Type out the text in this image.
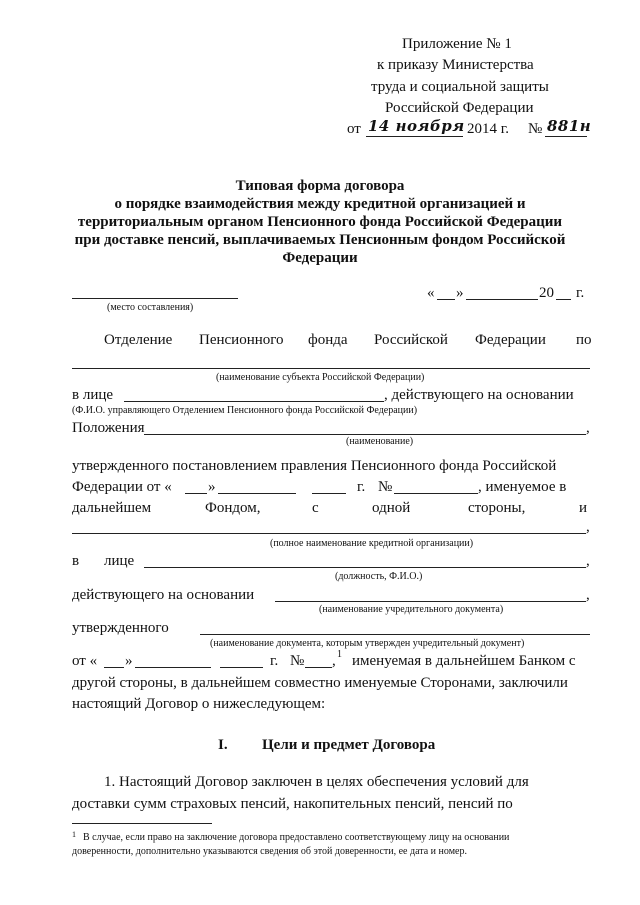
Приложение № 1
к приказу Министерства
труда и социальной защиты
Российской Федерации
от 14 ноября 2014 г. № 881н
Типовая форма договора
о порядке взаимодействия между кредитной организацией и
территориальным органом Пенсионного фонда Российской Федерации
при доставке пенсий, выплачиваемых Пенсионным фондом Российской
Федерации
(место составления)
« »	20 г.
Отделение Пенсионного фонда Российской Федерации по
(наименование субъекта Российской Федерации)
в лице	, действующего на основании
(Ф.И.О. управляющего Отделением Пенсионного фонда Российской Федерации)
Положения	,
(наименование)
утвержденного постановлением правления Пенсионного фонда Российской
Федерации от « »	г. №	, именуемое в
дальнейшем	Фондом,	с	одной	стороны,	и
,
(полное наименование кредитной организации)
в лице	,
(должность, Ф.И.О.)
действующего на основании	,
(наименование учредительного документа)
утвержденного
(наименование документа, которым утвержден учредительный документ)
от « »	г. № , 1 именуемая в дальнейшем Банком с
другой стороны, в дальнейшем совместно именуемые Сторонами, заключили
настоящий Договор о нижеследующем:
I. Цели и предмет Договора
1. Настоящий Договор заключен в целях обеспечения условий для
доставки сумм страховых пенсий, накопительных пенсий, пенсий по
1 В случае, если право на заключение договора предоставлено соответствующему лицу на основании
доверенности, дополнительно указываются сведения об этой доверенности, ее дата и номер.
